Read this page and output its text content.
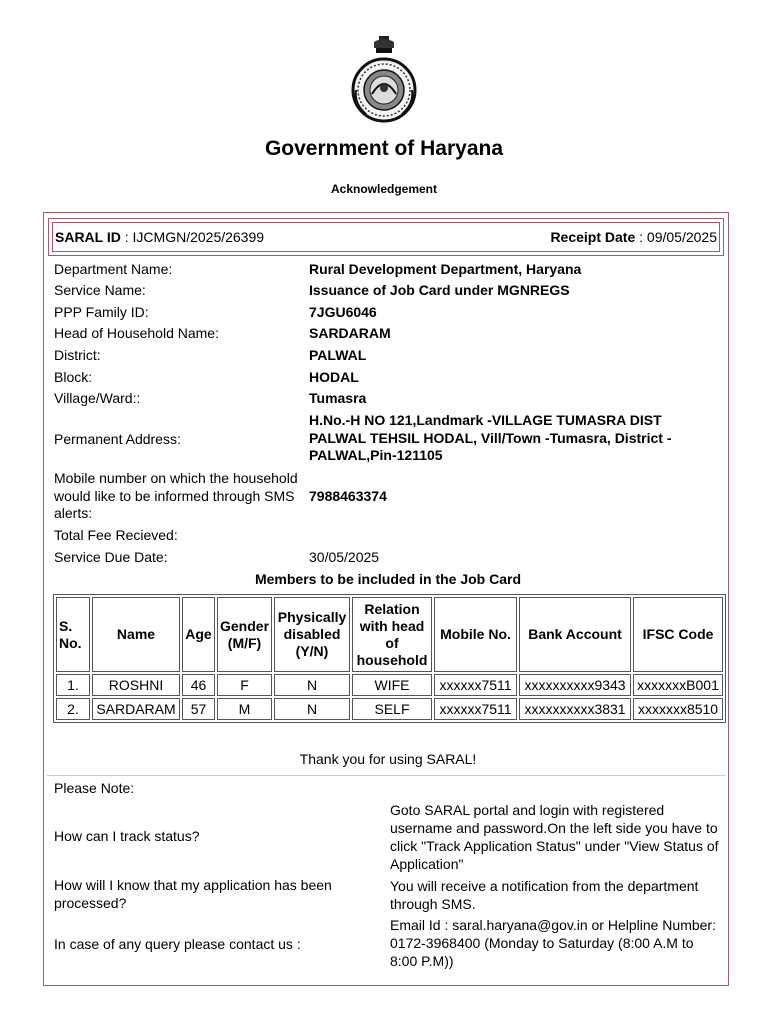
Government of Haryana
Acknowledgement
SARAL ID : IJCMGN/2025/26399	Receipt Date : 09/05/2025
Department Name:	Rural Development Department, Haryana
Service Name:	Issuance of Job Card under MGNREGS
PPP Family ID:	7JGU6046
Head of Household Name:	SARDARAM
District:	PALWAL
Block:	HODAL
Village/Ward::	Tumasra
Permanent Address:
H.No.-H NO 121,Landmark -VILLAGE TUMASRA DIST PALWAL TEHSIL HODAL, Vill/Town -Tumasra, District -PALWAL,Pin-121105
Mobile number on which the household would like to be informed through SMS alerts:
7988463374
Total Fee Recieved:
Service Due Date:	30/05/2025
Members to be included in the Job Card
S. No.	Name	Age	Gender (M/F)	Physically disabled (Y/N)	Relation with head of household	Mobile No.	Bank Account	IFSC Code
1.	ROSHNI	46	F	N	WIFE	xxxxxx7511	xxxxxxxxxx9343	xxxxxxxB001
2.	SARDARAM	57	M	N	SELF	xxxxxx7511	xxxxxxxxxx3831	xxxxxxx8510
Thank you for using SARAL!
Please Note:
How can I track status?
Goto SARAL portal and login with registered username and password.On the left side you have to click "Track Application Status" under "View Status of Application"
How will I know that my application has been processed?
You will receive a notification from the department through SMS.
In case of any query please contact us :
Email Id : saral.haryana@gov.in or Helpline Number: 0172-3968400 (Monday to Saturday (8:00 A.M to 8:00 P.M))
